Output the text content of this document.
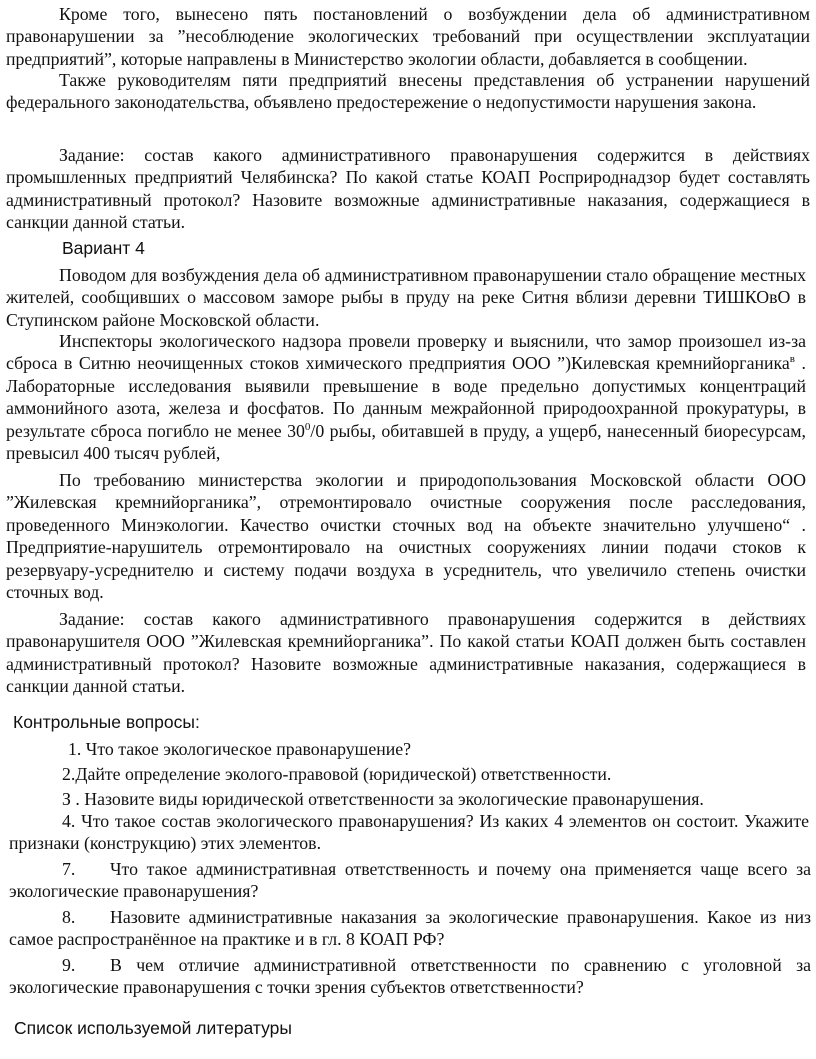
Кроме того, вынесено пять постановлений о возбуждении дела об административном правонарушении за ”несоблюдение экологических требований при осуществлении эксплуатации предприятий”, которые направлены в Министерство экологии области, добавляется в сообщении.

Также руководителям пяти предприятий внесены представления об устранении нарушений федерального законодательства, объявлено предостережение о недопустимости нарушения закона.

Задание: состав какого административного правонарушения содержится в действиях промышленных предприятий Челябинска? По какой статье КОАП Росприроднадзор будет составлять административный протокол? Назовите возможные административные наказания, содержащиеся в санкции данной статьи.

Вариант 4

Поводом для возбуждения дела об административном правонарушении стало обращение местных жителей, сообщивших о массовом заморе рыбы в пруду на реке Ситня вблизи деревни ТИШКОвО в Ступинском районе Московской области.

Инспекторы экологического надзора провели проверку и выяснили, что замор произошел из-за сброса в Ситню неочищенных стоков химического предприятия ООО ”)Килевская кремнийорганика$^в$ . Лабораторные исследования выявили превышение в воде предельно допустимых концентраций аммонийного азота, железа и фосфатов. По данным межрайонной природоохранной прокуратуры, в результате сброса погибло не менее $30^0/0$ рыбы, обитавшей в пруду, а ущерб, нанесенный биоресурсам, превысил 400 тысяч рублей,

По требованию министерства экологии и природопользования Московской области ООО ”Жилевская кремнийорганика”, отремонтировало очистные сооружения после расследования, проведенного Минэкологии. Качество очистки сточных вод на объекте значительно улучшено“ . Предприятие-нарушитель отремонтировало на очистных сооружениях линии подачи стоков к резервуару-усреднителю и систему подачи воздуха в усреднитель, что увеличило степень очистки сточных вод.

Задание: состав какого административного правонарушения содержится в действиях правонарушителя ООО ”Жилевская кремнийорганика”. По какой статьи КОАП должен быть составлен административный протокол? Назовите возможные административные наказания, содержащиеся в санкции данной статьи.

Контрольные вопросы:

1. Что такое экологическое правонарушение?

2.Дайте определение эколого-правовой (юридической) ответственности.

З . Назовите виды юридической ответственности за экологические правонарушения.

4. Что такое состав экологического правонарушения? Из каких 4 элементов он состоит. Укажите признаки (конструкцию) этих элементов.

7. Что такое административная ответственность и почему она применяется чаще всего за экологические правонарушения?

8. Назовите административные наказания за экологические правонарушения. Какое из низ самое распространённое на практике и в гл. 8 КОАП РФ?

9. В чем отличие административной ответственности по сравнению с уголовной за экологические правонарушения с точки зрения субъектов ответственности?

Список используемой литературы
